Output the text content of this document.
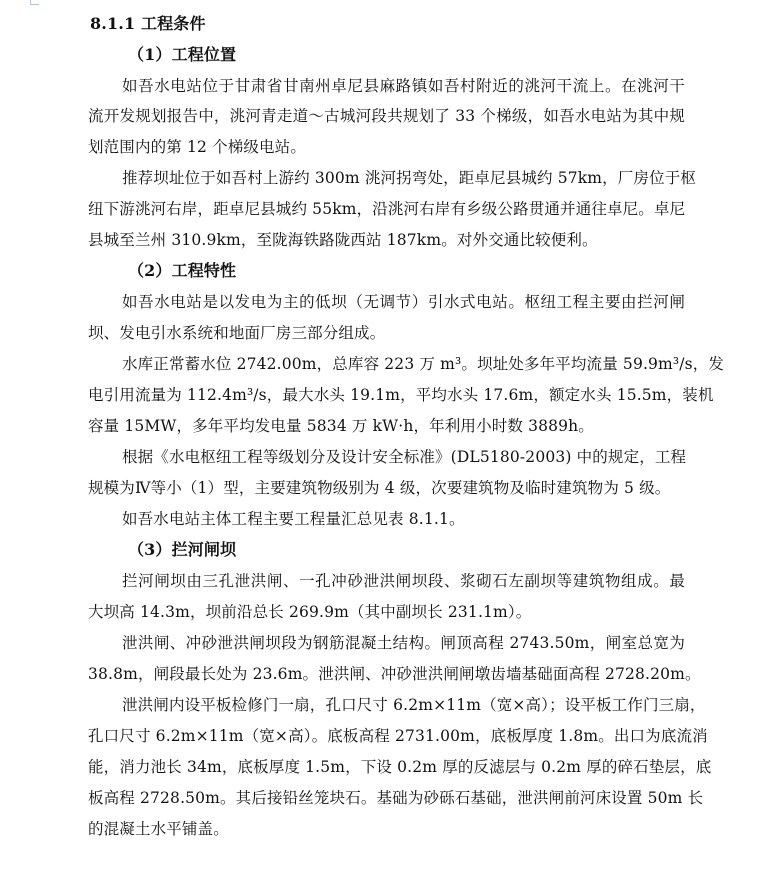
8.1.1 工程条件
（1）工程位置
如吾水电站位于甘肃省甘南州卓尼县麻路镇如吾村附近的洮河干流上。在洮河干
流开发规划报告中，洮河青走道～古城河段共规划了 33 个梯级，如吾水电站为其中规
划范围内的第 12 个梯级电站。
推荐坝址位于如吾村上游约 300m 洮河拐弯处，距卓尼县城约 57km，厂房位于枢
纽下游洮河右岸，距卓尼县城约 55km，沿洮河右岸有乡级公路贯通并通往卓尼。卓尼
县城至兰州 310.9km，至陇海铁路陇西站 187km。对外交通比较便利。
（2）工程特性
如吾水电站是以发电为主的低坝（无调节）引水式电站。枢纽工程主要由拦河闸
坝、发电引水系统和地面厂房三部分组成。
水库正常蓄水位 2742.00m，总库容 223 万 m³。坝址处多年平均流量 59.9m³/s，发
电引用流量为 112.4m³/s，最大水头 19.1m，平均水头 17.6m，额定水头 15.5m，装机
容量 15MW，多年平均发电量 5834 万 kW·h，年利用小时数 3889h。
根据《水电枢纽工程等级划分及设计安全标准》(DL5180-2003) 中的规定，工程
规模为Ⅳ等小（1）型，主要建筑物级别为 4 级，次要建筑物及临时建筑物为 5 级。
如吾水电站主体工程主要工程量汇总见表 8.1.1。
（3）拦河闸坝
拦河闸坝由三孔泄洪闸、一孔冲砂泄洪闸坝段、浆砌石左副坝等建筑物组成。最
大坝高 14.3m，坝前沿总长 269.9m（其中副坝长 231.1m）。
泄洪闸、冲砂泄洪闸坝段为钢筋混凝土结构。闸顶高程 2743.50m，闸室总宽为
38.8m，闸段最长处为 23.6m。泄洪闸、冲砂泄洪闸闸墩齿墙基础面高程 2728.20m。
泄洪闸内设平板检修门一扇，孔口尺寸 6.2m×11m（宽×高）；设平板工作门三扇，
孔口尺寸 6.2m×11m（宽×高）。底板高程 2731.00m，底板厚度 1.8m。出口为底流消
能，消力池长 34m，底板厚度 1.5m，下设 0.2m 厚的反滤层与 0.2m 厚的碎石垫层，底
板高程 2728.50m。其后接铅丝笼块石。基础为砂砾石基础，泄洪闸前河床设置 50m 长
的混凝土水平铺盖。
